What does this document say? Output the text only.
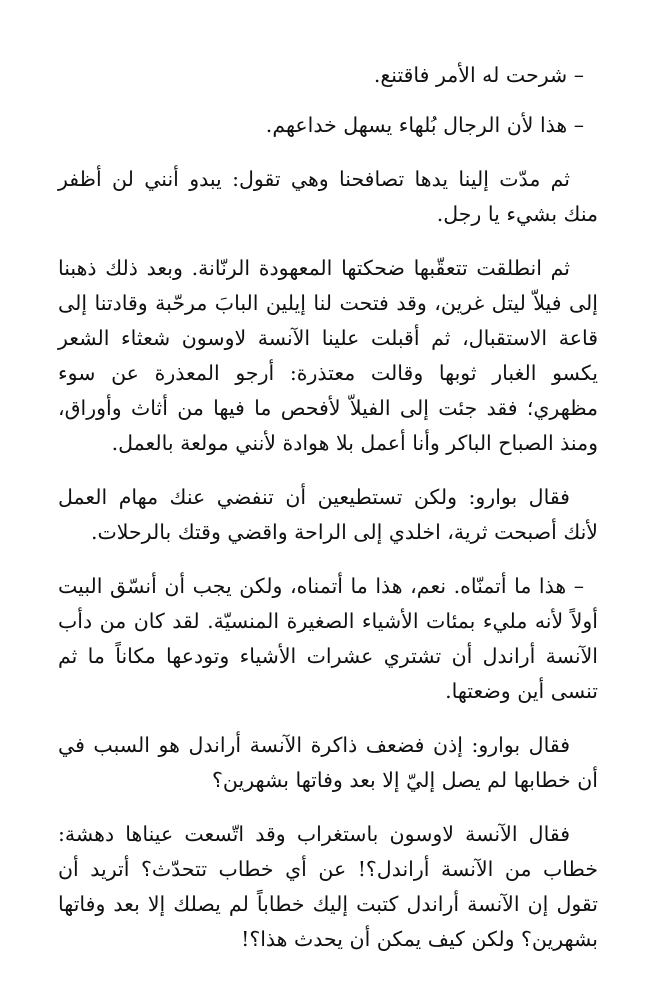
– شرحت له الأمر فاقتنع.

– هذا لأن الرجال بُلهاء يسهل خداعهم.

ثم مدّت إلينا يدها تصافحنا وهي تقول: يبدو أنني لن أظفر منك بشيء يا رجل.

ثم انطلقت تتعقّبها ضحكتها المعهودة الرنّانة. وبعد ذلك ذهبنا إلى فيلاّ ليتل غرين، وقد فتحت لنا إيلين البابَ مرحّبة وقادتنا إلى قاعة الاستقبال، ثم أقبلت علينا الآنسة لاوسون شعثاء الشعر يكسو الغبار ثوبها وقالت معتذرة: أرجو المعذرة عن سوء مظهري؛ فقد جئت إلى الفيلاّ لأفحص ما فيها من أثاث وأوراق، ومنذ الصباح الباكر وأنا أعمل بلا هوادة لأنني مولعة بالعمل.

فقال بوارو: ولكن تستطيعين أن تنفضي عنك مهام العمل لأنك أصبحت ثرية، اخلدي إلى الراحة واقضي وقتك بالرحلات.

– هذا ما أتمنّاه. نعم، هذا ما أتمناه، ولكن يجب أن أنسّق البيت أولاً لأنه مليء بمئات الأشياء الصغيرة المنسيّة. لقد كان من دأب الآنسة أراندل أن تشتري عشرات الأشياء وتودعها مكاناً ما ثم تنسى أين وضعتها.

فقال بوارو: إذن فضعف ذاكرة الآنسة أراندل هو السبب في أن خطابها لم يصل إليّ إلا بعد وفاتها بشهرين؟

فقال الآنسة لاوسون باستغراب وقد اتّسعت عيناها دهشة: خطاب من الآنسة أراندل؟! عن أي خطاب تتحدّث؟ أتريد أن تقول إن الآنسة أراندل كتبت إليك خطاباً لم يصلك إلا بعد وفاتها بشهرين؟ ولكن كيف يمكن أن يحدث هذا؟!
